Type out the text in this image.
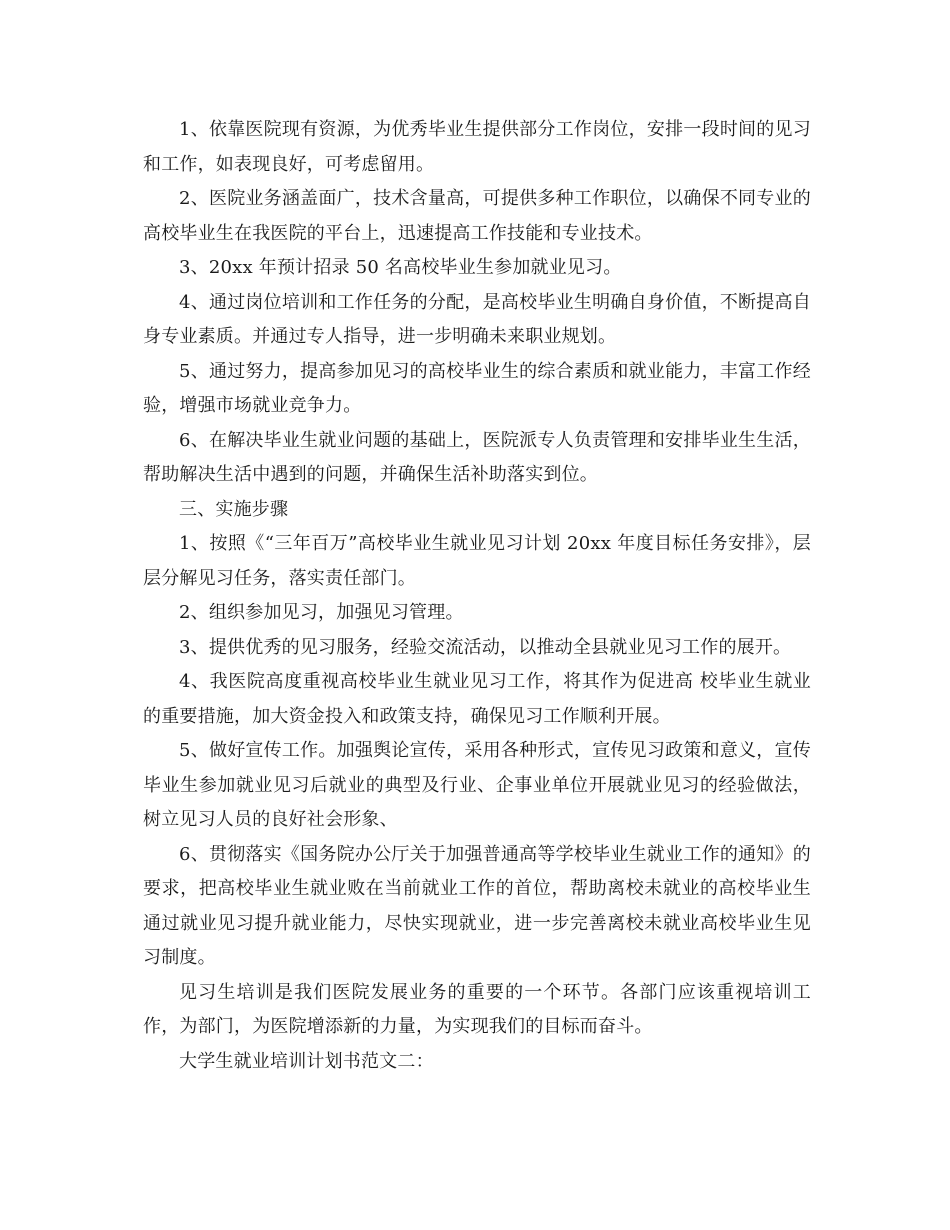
1、依靠医院现有资源，为优秀毕业生提供部分工作岗位，安排一段时间的见习和工作，如表现良好，可考虑留用。

2、医院业务涵盖面广，技术含量高，可提供多种工作职位，以确保不同专业的高校毕业生在我医院的平台上，迅速提高工作技能和专业技术。

3、20xx 年预计招录 50 名高校毕业生参加就业见习。

4、通过岗位培训和工作任务的分配，是高校毕业生明确自身价值，不断提高自身专业素质。并通过专人指导，进一步明确未来职业规划。

5、通过努力，提高参加见习的高校毕业生的综合素质和就业能力，丰富工作经验，增强市场就业竞争力。

6、在解决毕业生就业问题的基础上，医院派专人负责管理和安排毕业生生活，帮助解决生活中遇到的问题，并确保生活补助落实到位。

三、实施步骤

1、按照《“三年百万”高校毕业生就业见习计划 20xx 年度目标任务安排》，层层分解见习任务，落实责任部门。

2、组织参加见习，加强见习管理。

3、提供优秀的见习服务，经验交流活动，以推动全县就业见习工作的展开。

4、我医院高度重视高校毕业生就业见习工作，将其作为促进高 校毕业生就业的重要措施，加大资金投入和政策支持，确保见习工作顺利开展。

5、做好宣传工作。加强舆论宣传，采用各种形式，宣传见习政策和意义，宣传毕业生参加就业见习后就业的典型及行业、企事业单位开展就业见习的经验做法，树立见习人员的良好社会形象、

6、贯彻落实《国务院办公厅关于加强普通高等学校毕业生就业工作的通知》的要求，把高校毕业生就业败在当前就业工作的首位，帮助离校未就业的高校毕业生通过就业见习提升就业能力，尽快实现就业，进一步完善离校未就业高校毕业生见习制度。

见习生培训是我们医院发展业务的重要的一个环节。各部门应该重视培训工作，为部门，为医院增添新的力量，为实现我们的目标而奋斗。

大学生就业培训计划书范文二：
